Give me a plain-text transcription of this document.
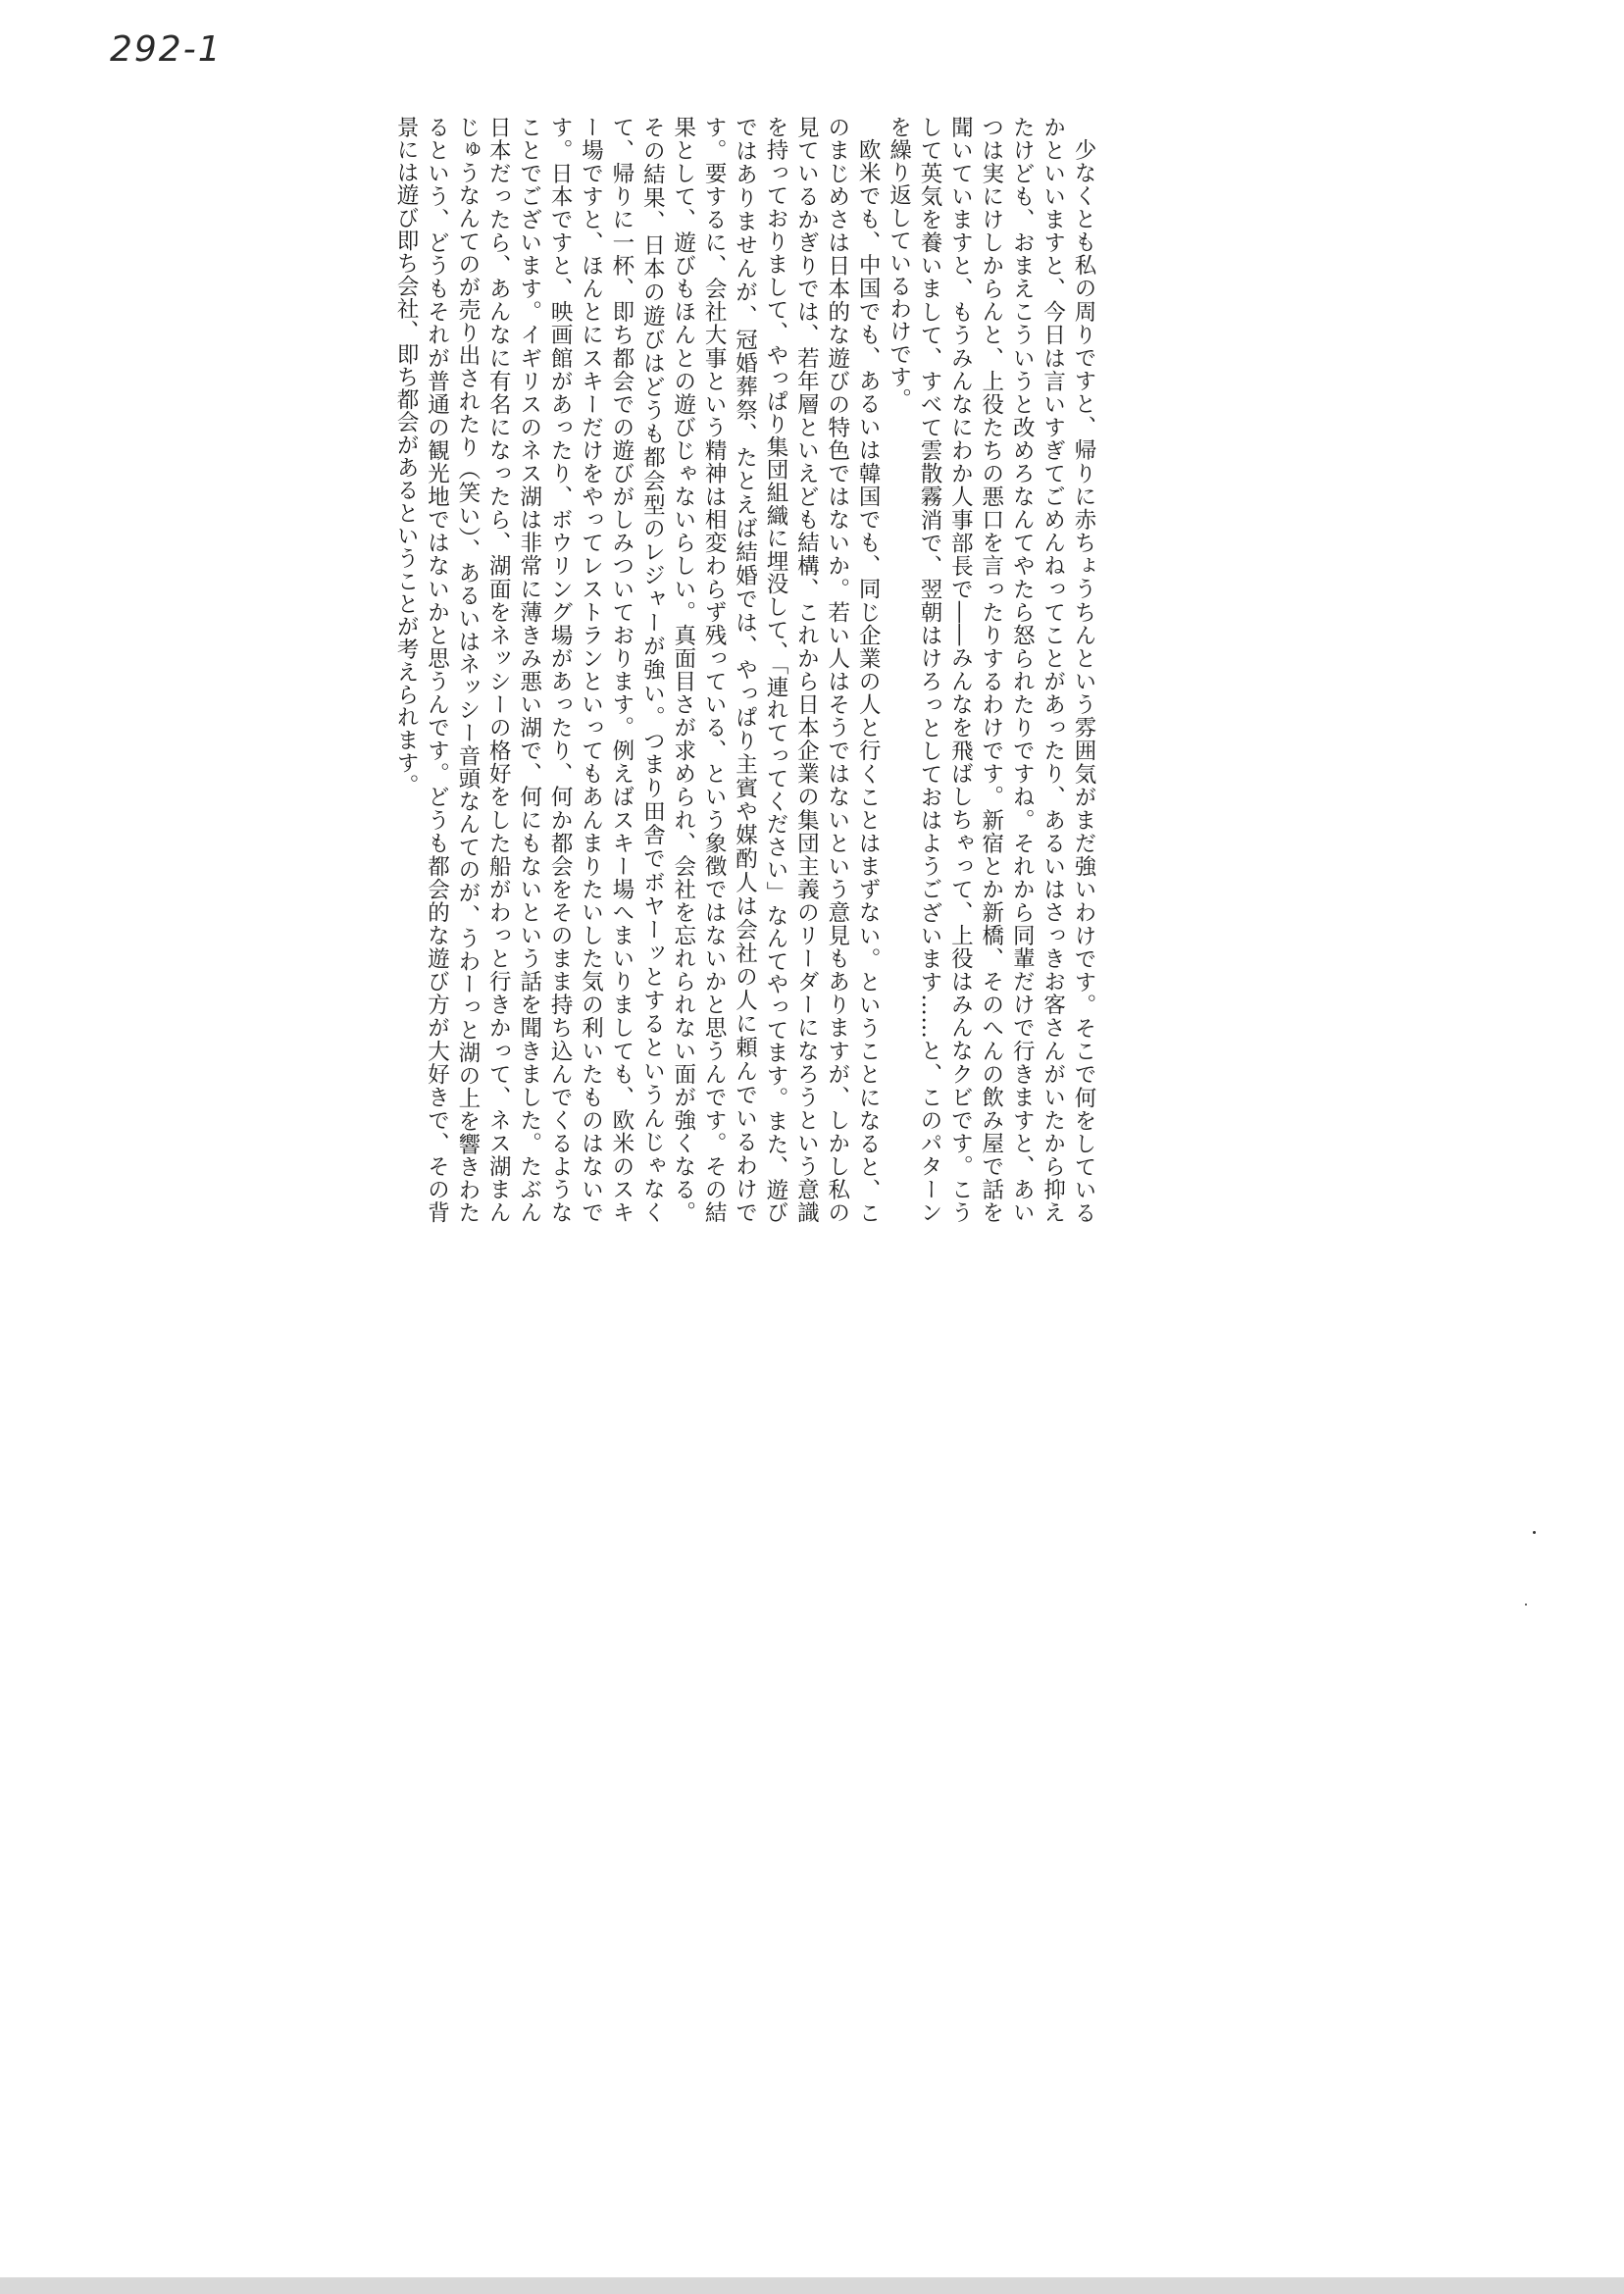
292-1

少なくとも私の周りですと、帰りに赤ちょうちんという雰囲気がまだ強いわけです。そこで何をしているかといいますと、今日は言いすぎてごめんねってことがあったり、あるいはさっきお客さんがいたから抑えたけども、おまえこういうと改めろなんてやたら怒られたりですね。それから同輩だけで行きますと、あいつは実にけしからんと、上役たちの悪口を言ったりするわけです。新宿とか新橋、そのへんの飲み屋で話を聞いていますと、もうみんなにわか人事部長で――みんなを飛ばしちゃって、上役はみんなクビです。こうして英気を養いまして、すべて雲散霧消で、翌朝はけろっとしておはようございます……と、このパターンを繰り返しているわけです。

欧米でも、中国でも、あるいは韓国でも、同じ企業の人と行くことはまずない。ということになると、このまじめさは日本的な遊びの特色ではないか。若い人はそうではないという意見もありますが、しかし私の見ているかぎりでは、若年層といえども結構、これから日本企業の集団主義のリーダーになろうという意識を持っておりまして、やっぱり集団組織に埋没して、「連れてってください」なんてやってます。また、遊びではありませんが、冠婚葬祭、たとえば結婚では、やっぱり主賓や媒酌人は会社の人に頼んでいるわけです。要するに、会社大事という精神は相変わらず残っている、という象徴ではないかと思うんです。その結果として、遊びもほんとの遊びじゃないらしい。真面目さが求められ、会社を忘れられない面が強くなる。その結果、日本の遊びはどうも都会型のレジャーが強い。つまり田舎でボヤーッとするというんじゃなくて、帰りに一杯、即ち都会での遊びがしみついております。例えばスキー場へまいりましても、欧米のスキー場ですと、ほんとにスキーだけをやってレストランといってもあんまりたいした気の利いたものはないです。日本ですと、映画館があったり、ボウリング場があったり、何か都会をそのまま持ち込んでくるようなことでございます。イギリスのネス湖は非常に薄きみ悪い湖で、何にもないという話を聞きました。たぶん日本だったら、あんなに有名になったら、湖面をネッシーの格好をした船がわっと行きかって、ネス湖まんじゅうなんてのが売り出されたり（笑い）、あるいはネッシー音頭なんてのが、うわーっと湖の上を響きわたるという、どうもそれが普通の観光地ではないかと思うんです。どうも都会的な遊び方が大好きで、その背景には遊び即ち会社、即ち都会があるということが考えられます。
